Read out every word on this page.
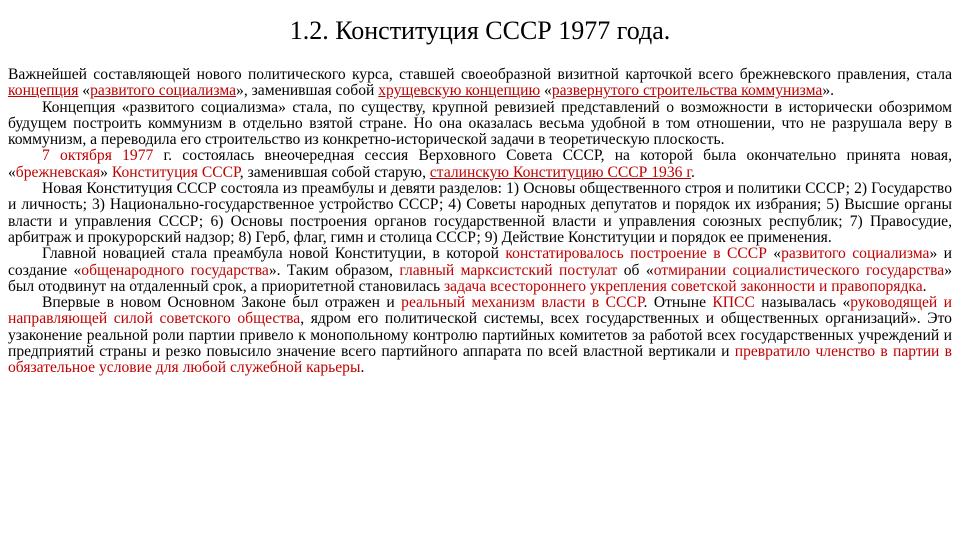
1.2. Конституция СССР 1977 года.

Важнейшей составляющей нового политического курса, ставшей своеобразной визитной карточкой всего брежневского правления, стала концепция «развитого социализма», заменившая собой хрущевскую концепцию «развернутого строительства коммунизма».

Концепция «развитого социализма» стала, по существу, крупной ревизией представлений о возможности в исторически обозримом будущем построить коммунизм в отдельно взятой стране. Но она оказалась весьма удобной в том отношении, что не разрушала веру в коммунизм, а переводила его строительство из конкретно-исторической задачи в теоретическую плоскость.

7 октября 1977 г. состоялась внеочередная сессия Верховного Совета СССР, на которой была окончательно принята новая, «брежневская» Конституция СССР, заменившая собой старую, сталинскую Конституцию СССР 1936 г.

Новая Конституция СССР состояла из преамбулы и девяти разделов: 1) Основы общественного строя и политики СССР; 2) Государство и личность; 3) Национально-государственное устройство СССР; 4) Советы народных депутатов и порядок их избрания; 5) Высшие органы власти и управления СССР; 6) Основы построения органов государственной власти и управления союзных республик; 7) Правосудие, арбитраж и прокурорский надзор; 8) Герб, флаг, гимн и столица СССР; 9) Действие Конституции и порядок ее применения.

Главной новацией стала преамбула новой Конституции, в которой констатировалось построение в СССР «развитого социализма» и создание «общенародного государства». Таким образом, главный марксистский постулат об «отмирании социалистического государства» был отодвинут на отдаленный срок, а приоритетной становилась задача всестороннего укрепления советской законности и правопорядка.

Впервые в новом Основном Законе был отражен и реальный механизм власти в СССР. Отныне КПСС называлась «руководящей и направляющей силой советского общества, ядром его политической системы, всех государственных и общественных организаций». Это узаконение реальной роли партии привело к монопольному контролю партийных комитетов за работой всех государственных учреждений и предприятий страны и резко повысило значение всего партийного аппарата по всей властной вертикали и превратило членство в партии в обязательное условие для любой служебной карьеры.
